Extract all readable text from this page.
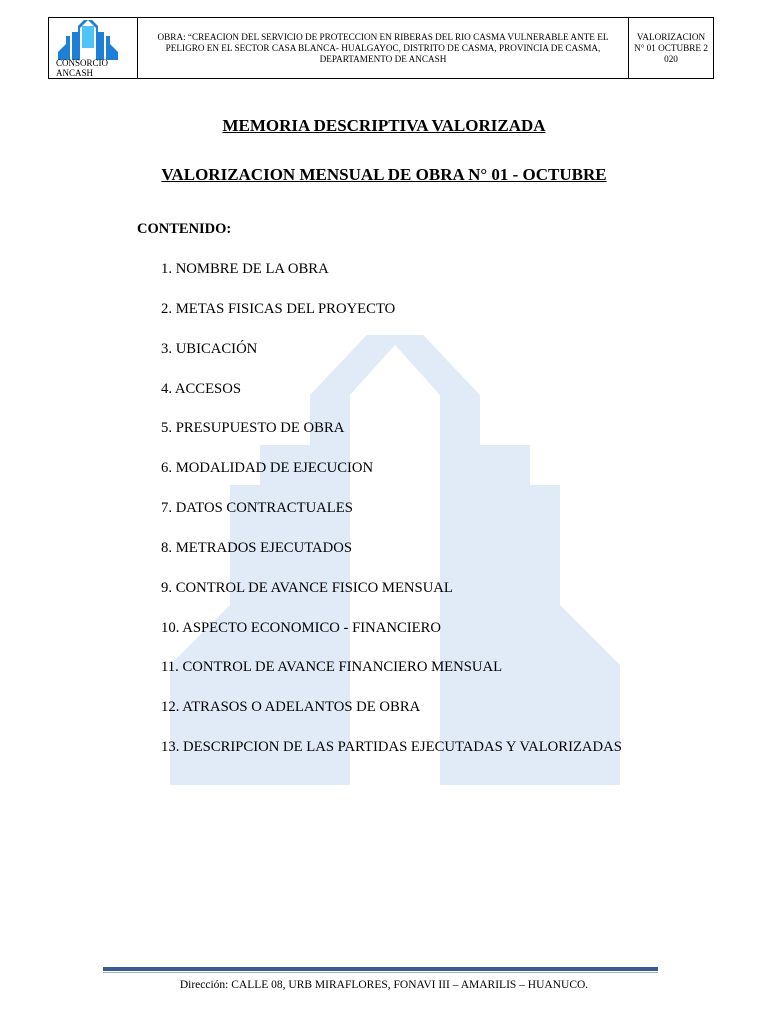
CONSORCIO
ANCASH
OBRA: “CREACION DEL SERVICIO DE PROTECCION EN RIBERAS DEL RIO CASMA VULNERABLE ANTE EL PELIGRO EN EL SECTOR CASA BLANCA- HUALGAYOC, DISTRITO DE CASMA, PROVINCIA DE CASMA, DEPARTAMENTO DE ANCASH
VALORIZACION N° 01 OCTUBRE 2020
MEMORIA DESCRIPTIVA VALORIZADA
VALORIZACION MENSUAL DE OBRA N° 01 - OCTUBRE
CONTENIDO:
1. NOMBRE DE LA OBRA
2. METAS FISICAS DEL PROYECTO
3. UBICACIÓN
4. ACCESOS
5. PRESUPUESTO DE OBRA
6. MODALIDAD DE EJECUCION
7. DATOS CONTRACTUALES
8. METRADOS EJECUTADOS
9. CONTROL DE AVANCE FISICO MENSUAL
10. ASPECTO ECONOMICO - FINANCIERO
11. CONTROL DE AVANCE FINANCIERO MENSUAL
12. ATRASOS O ADELANTOS DE OBRA
13. DESCRIPCION DE LAS PARTIDAS EJECUTADAS Y VALORIZADAS
Dirección: CALLE 08, URB MIRAFLORES, FONAVI III – AMARILIS – HUANUCO.
